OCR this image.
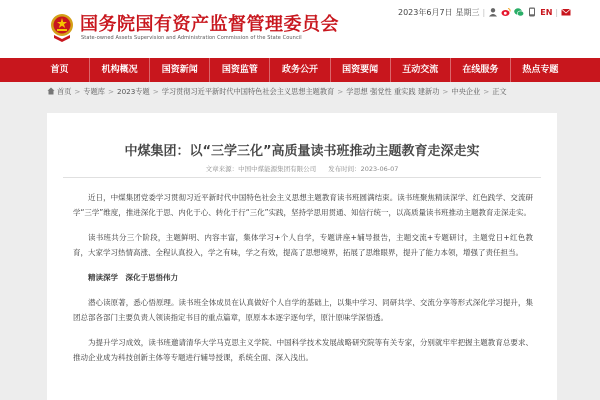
国务院国有资产监督管理委员会
State-owned Assets Supervision and Administration Commission of the State Council
2023年6月7日 星期三 |	EN |
首页	机构概况	国资新闻	国资监管	政务公开	国资要闻	互动交流	在线服务	热点专题
首页 > 专题库 > 2023专题 > 学习贯彻习近平新时代中国特色社会主义思想主题教育 > 学思想 强党性 重实践 建新功 > 中央企业 > 正文
中煤集团：以“三学三化”高质量读书班推动主题教育走深走实
文章来源：中国中煤能源集团有限公司 发布时间：2023-06-07

近日，中煤集团党委学习贯彻习近平新时代中国特色社会主义思想主题教育读书班圆满结束。读书班聚焦精读深学、红色践学、交流研学“三学”维度，推进深化于思、内化于心、转化于行“三化”实践，坚持学思用贯通、知信行统一，以高质量读书班推动主题教育走深走实。

读书班共分三个阶段，主题鲜明、内容丰富，集体学习+个人自学，专题讲座+辅导报告，主题交流+专题研讨，主题党日+红色教育，大家学习热情高涨、全程认真投入，学之有味，学之有效，提高了思想境界，拓展了思维眼界，提升了能力本领，增强了责任担当。

精读深学　深化于思悟伟力

潜心读原著，悉心悟原理。读书班全体成员在认真做好个人自学的基础上，以集中学习、同研共学、交流分享等形式深化学习提升，集团总部各部门主要负责人领读指定书目的重点篇章，原原本本逐字逐句学，原汁原味学深悟透。

为提升学习成效，读书班邀请清华大学马克思主义学院、中国科学技术发展战略研究院等有关专家，分别就牢牢把握主题教育总要求、推动企业成为科技创新主体等专题进行辅导授课，系统全面、深入浅出。
